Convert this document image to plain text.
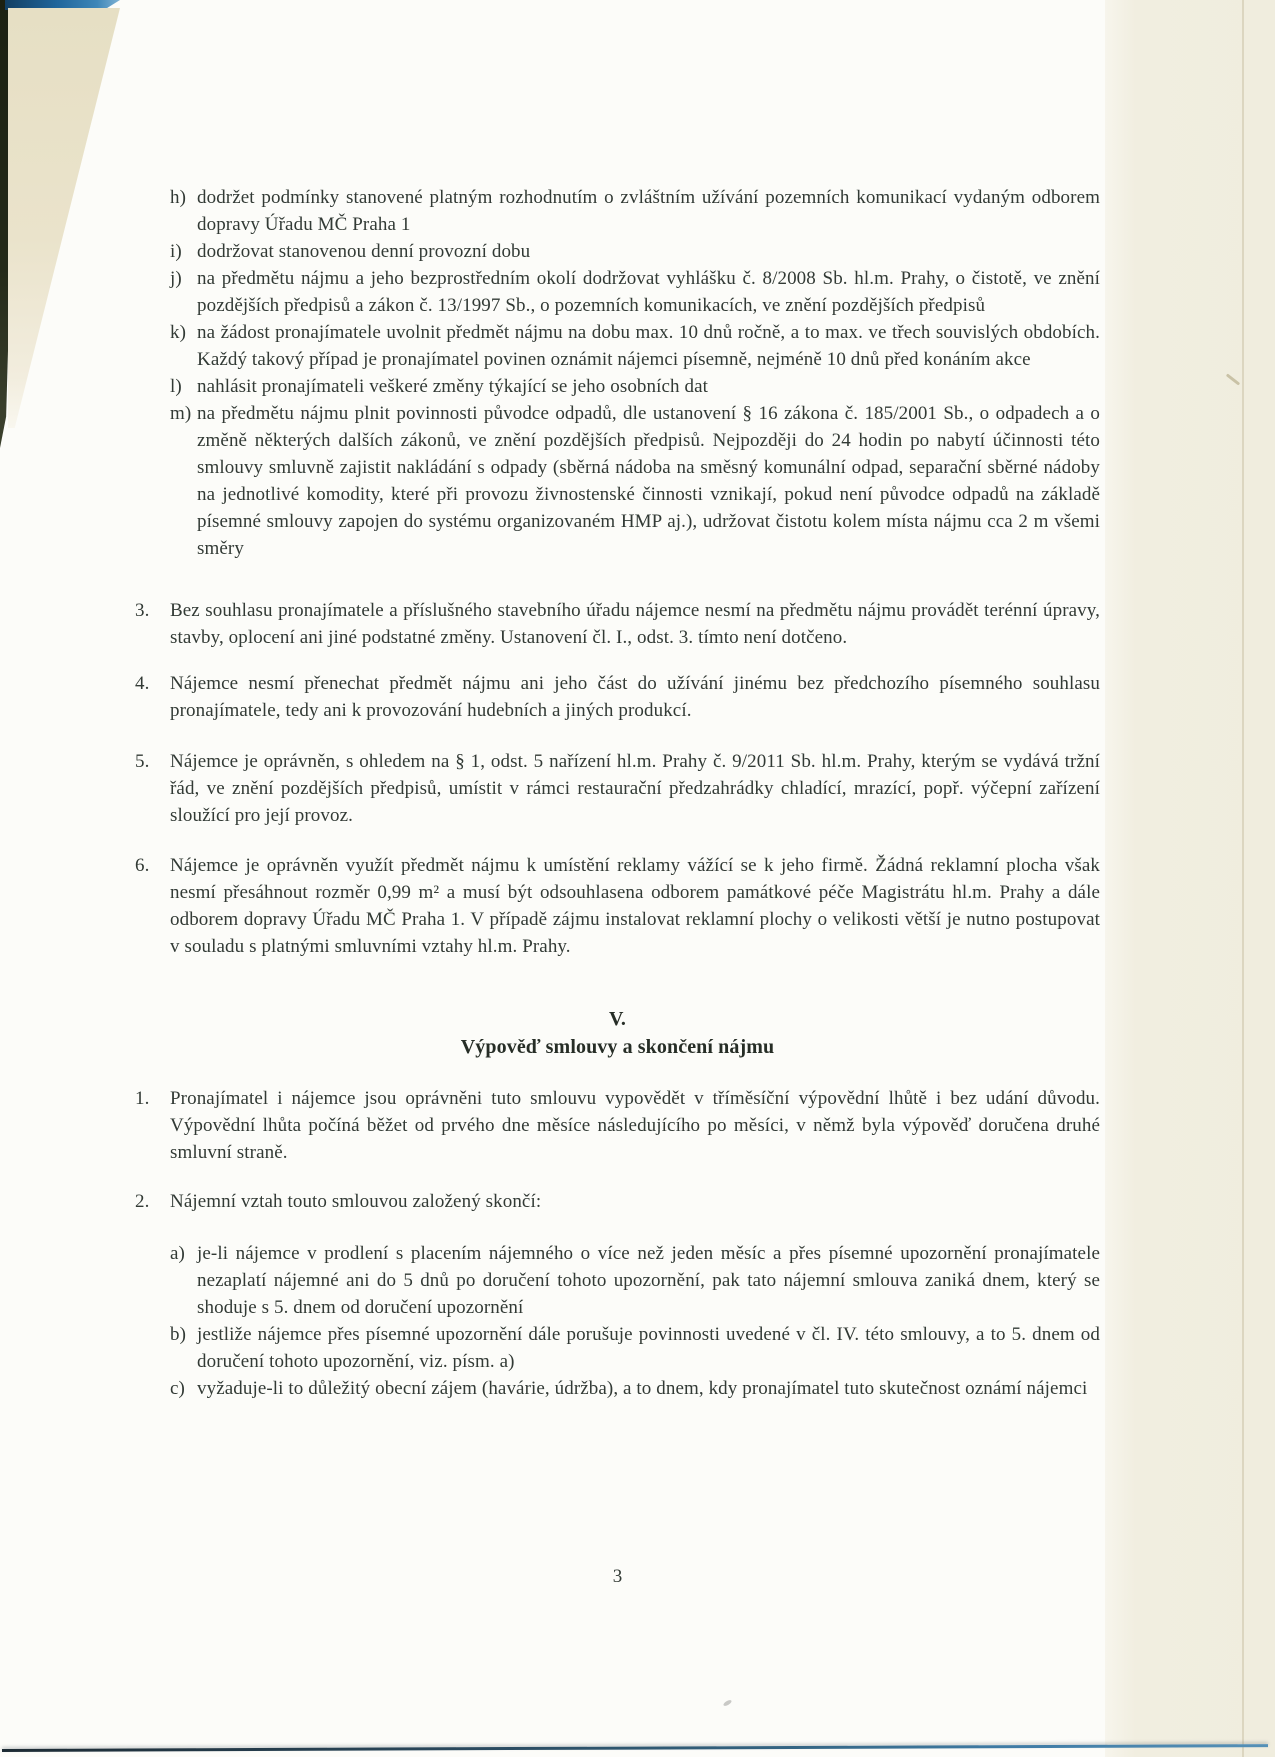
h) dodržet podmínky stanovené platným rozhodnutím o zvláštním užívání pozemních komunikací vydaným odborem dopravy Úřadu MČ Praha 1
i) dodržovat stanovenou denní provozní dobu
j) na předmětu nájmu a jeho bezprostředním okolí dodržovat vyhlášku č. 8/2008 Sb. hl.m. Prahy, o čistotě, ve znění pozdějších předpisů a zákon č. 13/1997 Sb., o pozemních komunikacích, ve znění pozdějších předpisů
k) na žádost pronajímatele uvolnit předmět nájmu na dobu max. 10 dnů ročně, a to max. ve třech souvislých obdobích. Každý takový případ je pronajímatel povinen oznámit nájemci písemně, nejméně 10 dnů před konáním akce
l) nahlásit pronajímateli veškeré změny týkající se jeho osobních dat
m) na předmětu nájmu plnit povinnosti původce odpadů, dle ustanovení § 16 zákona č. 185/2001 Sb., o odpadech a o změně některých dalších zákonů, ve znění pozdějších předpisů. Nejpozději do 24 hodin po nabytí účinnosti této smlouvy smluvně zajistit nakládání s odpady (sběrná nádoba na směsný komunální odpad, separační sběrné nádoby na jednotlivé komodity, které při provozu živnostenské činnosti vznikají, pokud není původce odpadů na základě písemné smlouvy zapojen do systému organizovaném HMP aj.), udržovat čistotu kolem místa nájmu cca 2 m všemi směry
3. Bez souhlasu pronajímatele a příslušného stavebního úřadu nájemce nesmí na předmětu nájmu provádět terénní úpravy, stavby, oplocení ani jiné podstatné změny. Ustanovení čl. I., odst. 3. tímto není dotčeno.
4. Nájemce nesmí přenechat předmět nájmu ani jeho část do užívání jinému bez předchozího písemného souhlasu pronajímatele, tedy ani k provozování hudebních a jiných produkcí.
5. Nájemce je oprávněn, s ohledem na § 1, odst. 5 nařízení hl.m. Prahy č. 9/2011 Sb. hl.m. Prahy, kterým se vydává tržní řád, ve znění pozdějších předpisů, umístit v rámci restaurační předzahrádky chladící, mrazící, popř. výčepní zařízení sloužící pro její provoz.
6. Nájemce je oprávněn využít předmět nájmu k umístění reklamy vážící se k jeho firmě. Žádná reklamní plocha však nesmí přesáhnout rozměr 0,99 m² a musí být odsouhlasena odborem památkové péče Magistrátu hl.m. Prahy a dále odborem dopravy Úřadu MČ Praha 1. V případě zájmu instalovat reklamní plochy o velikosti větší je nutno postupovat v souladu s platnými smluvními vztahy hl.m. Prahy.
V.
Výpověď smlouvy a skončení nájmu
1. Pronajímatel i nájemce jsou oprávněni tuto smlouvu vypovědět v tříměsíční výpovědní lhůtě i bez udání důvodu. Výpovědní lhůta počíná běžet od prvého dne měsíce následujícího po měsíci, v němž byla výpověď doručena druhé smluvní straně.
2. Nájemní vztah touto smlouvou založený skončí:
a) je-li nájemce v prodlení s placením nájemného o více než jeden měsíc a přes písemné upozornění pronajímatele nezaplatí nájemné ani do 5 dnů po doručení tohoto upozornění, pak tato nájemní smlouva zaniká dnem, který se shoduje s 5. dnem od doručení upozornění
b) jestliže nájemce přes písemné upozornění dále porušuje povinnosti uvedené v čl. IV. této smlouvy, a to 5. dnem od doručení tohoto upozornění, viz. písm. a)
c) vyžaduje-li to důležitý obecní zájem (havárie, údržba), a to dnem, kdy pronajímatel tuto skutečnost oznámí nájemci
3
